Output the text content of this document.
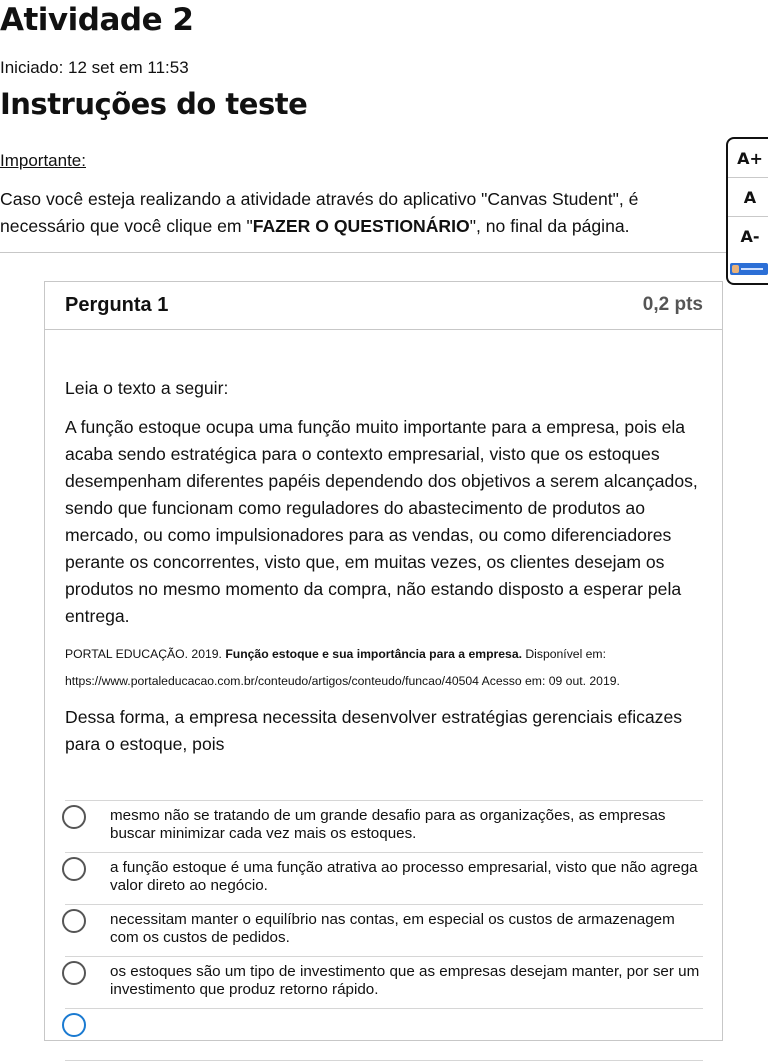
Atividade 2
Iniciado: 12 set em 11:53
Instruções do teste
Importante:
Caso você esteja realizando a atividade através do aplicativo "Canvas Student", é necessário que você clique em "FAZER O QUESTIONÁRIO", no final da página.
A+
A
A-
Pergunta 1	0,2 pts

Leia o texto a seguir:

A função estoque ocupa uma função muito importante para a empresa, pois ela acaba sendo estratégica para o contexto empresarial, visto que os estoques desempenham diferentes papéis dependendo dos objetivos a serem alcançados, sendo que funcionam como reguladores do abastecimento de produtos ao mercado, ou como impulsionadores para as vendas, ou como diferenciadores perante os concorrentes, visto que, em muitas vezes, os clientes desejam os produtos no mesmo momento da compra, não estando disposto a esperar pela entrega.

PORTAL EDUCAÇÃO. 2019. Função estoque e sua importância para a empresa. Disponível em: https://www.portaleducacao.com.br/conteudo/artigos/conteudo/funcao/40504 Acesso em: 09 out. 2019.

Dessa forma, a empresa necessita desenvolver estratégias gerenciais eficazes para o estoque, pois

mesmo não se tratando de um grande desafio para as organizações, as empresas buscar minimizar cada vez mais os estoques.
a função estoque é uma função atrativa ao processo empresarial, visto que não agrega valor direto ao negócio.
necessitam manter o equilíbrio nas contas, em especial os custos de armazenagem com os custos de pedidos.
os estoques são um tipo de investimento que as empresas desejam manter, por ser um investimento que produz retorno rápido.
